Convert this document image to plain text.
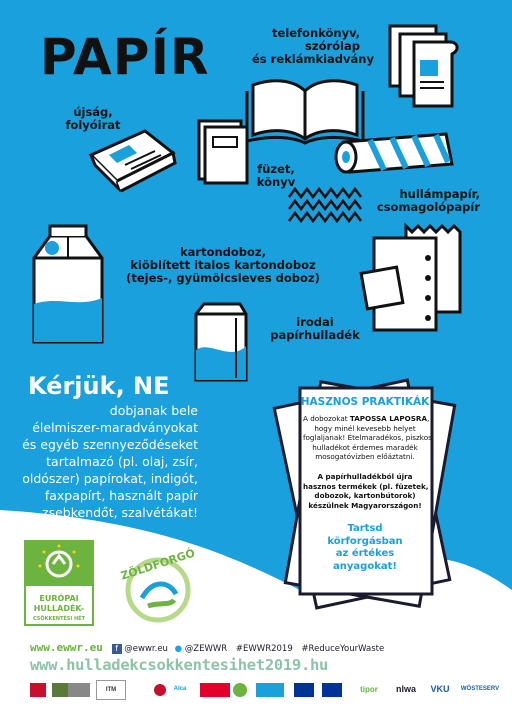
PAPÍR	telefonkönyv,
szórólap
és reklámkiadvány
újság,
folyóirat
füzet,
könyv
hullámpapír,
csomagolópapír
kartondoboz,
kiöblített italos kartondoboz
(tejes-, gyümölcsleves doboz)
irodai
papírhulladék
Kérjük, NE
dobjanak bele
élelmiszer-maradványokat
és egyéb szennyeződéseket
tartalmazó (pl. olaj, zsír,
oldószer) papírokat, indigót,
faxpapírt, használt papír
zsebkendőt, szalvétákat!
HASZNOS PRAKTIKÁK
A dobozokat TAPOSSA LAPOSRA,
hogy minél kevesebb helyet
foglaljanak! Ételmaradékos, piszkos
hulladékot érdemes maradék
mosogatóvízben előáztatni.
A papírhulladékból újra
hasznos termékek (pl. füzetek,
dobozok, kartonbútorok)
készülnek Magyarországon!
Tartsd
körforgásban
az értékes
anyagokat!
EURÓPAI
HULLADÉK-
CSÖKKENTÉSI HÉT
ZÖLDFORGÓ
www.ewwr.eu f @ewwr.eu ● @ZEWWR #EWWR2019 #ReduceYourWaste
www.hulladekcsokkentesihet2019.hu
ITM	AIca	tipor	nlwa	VKU	WÖSTESERV
